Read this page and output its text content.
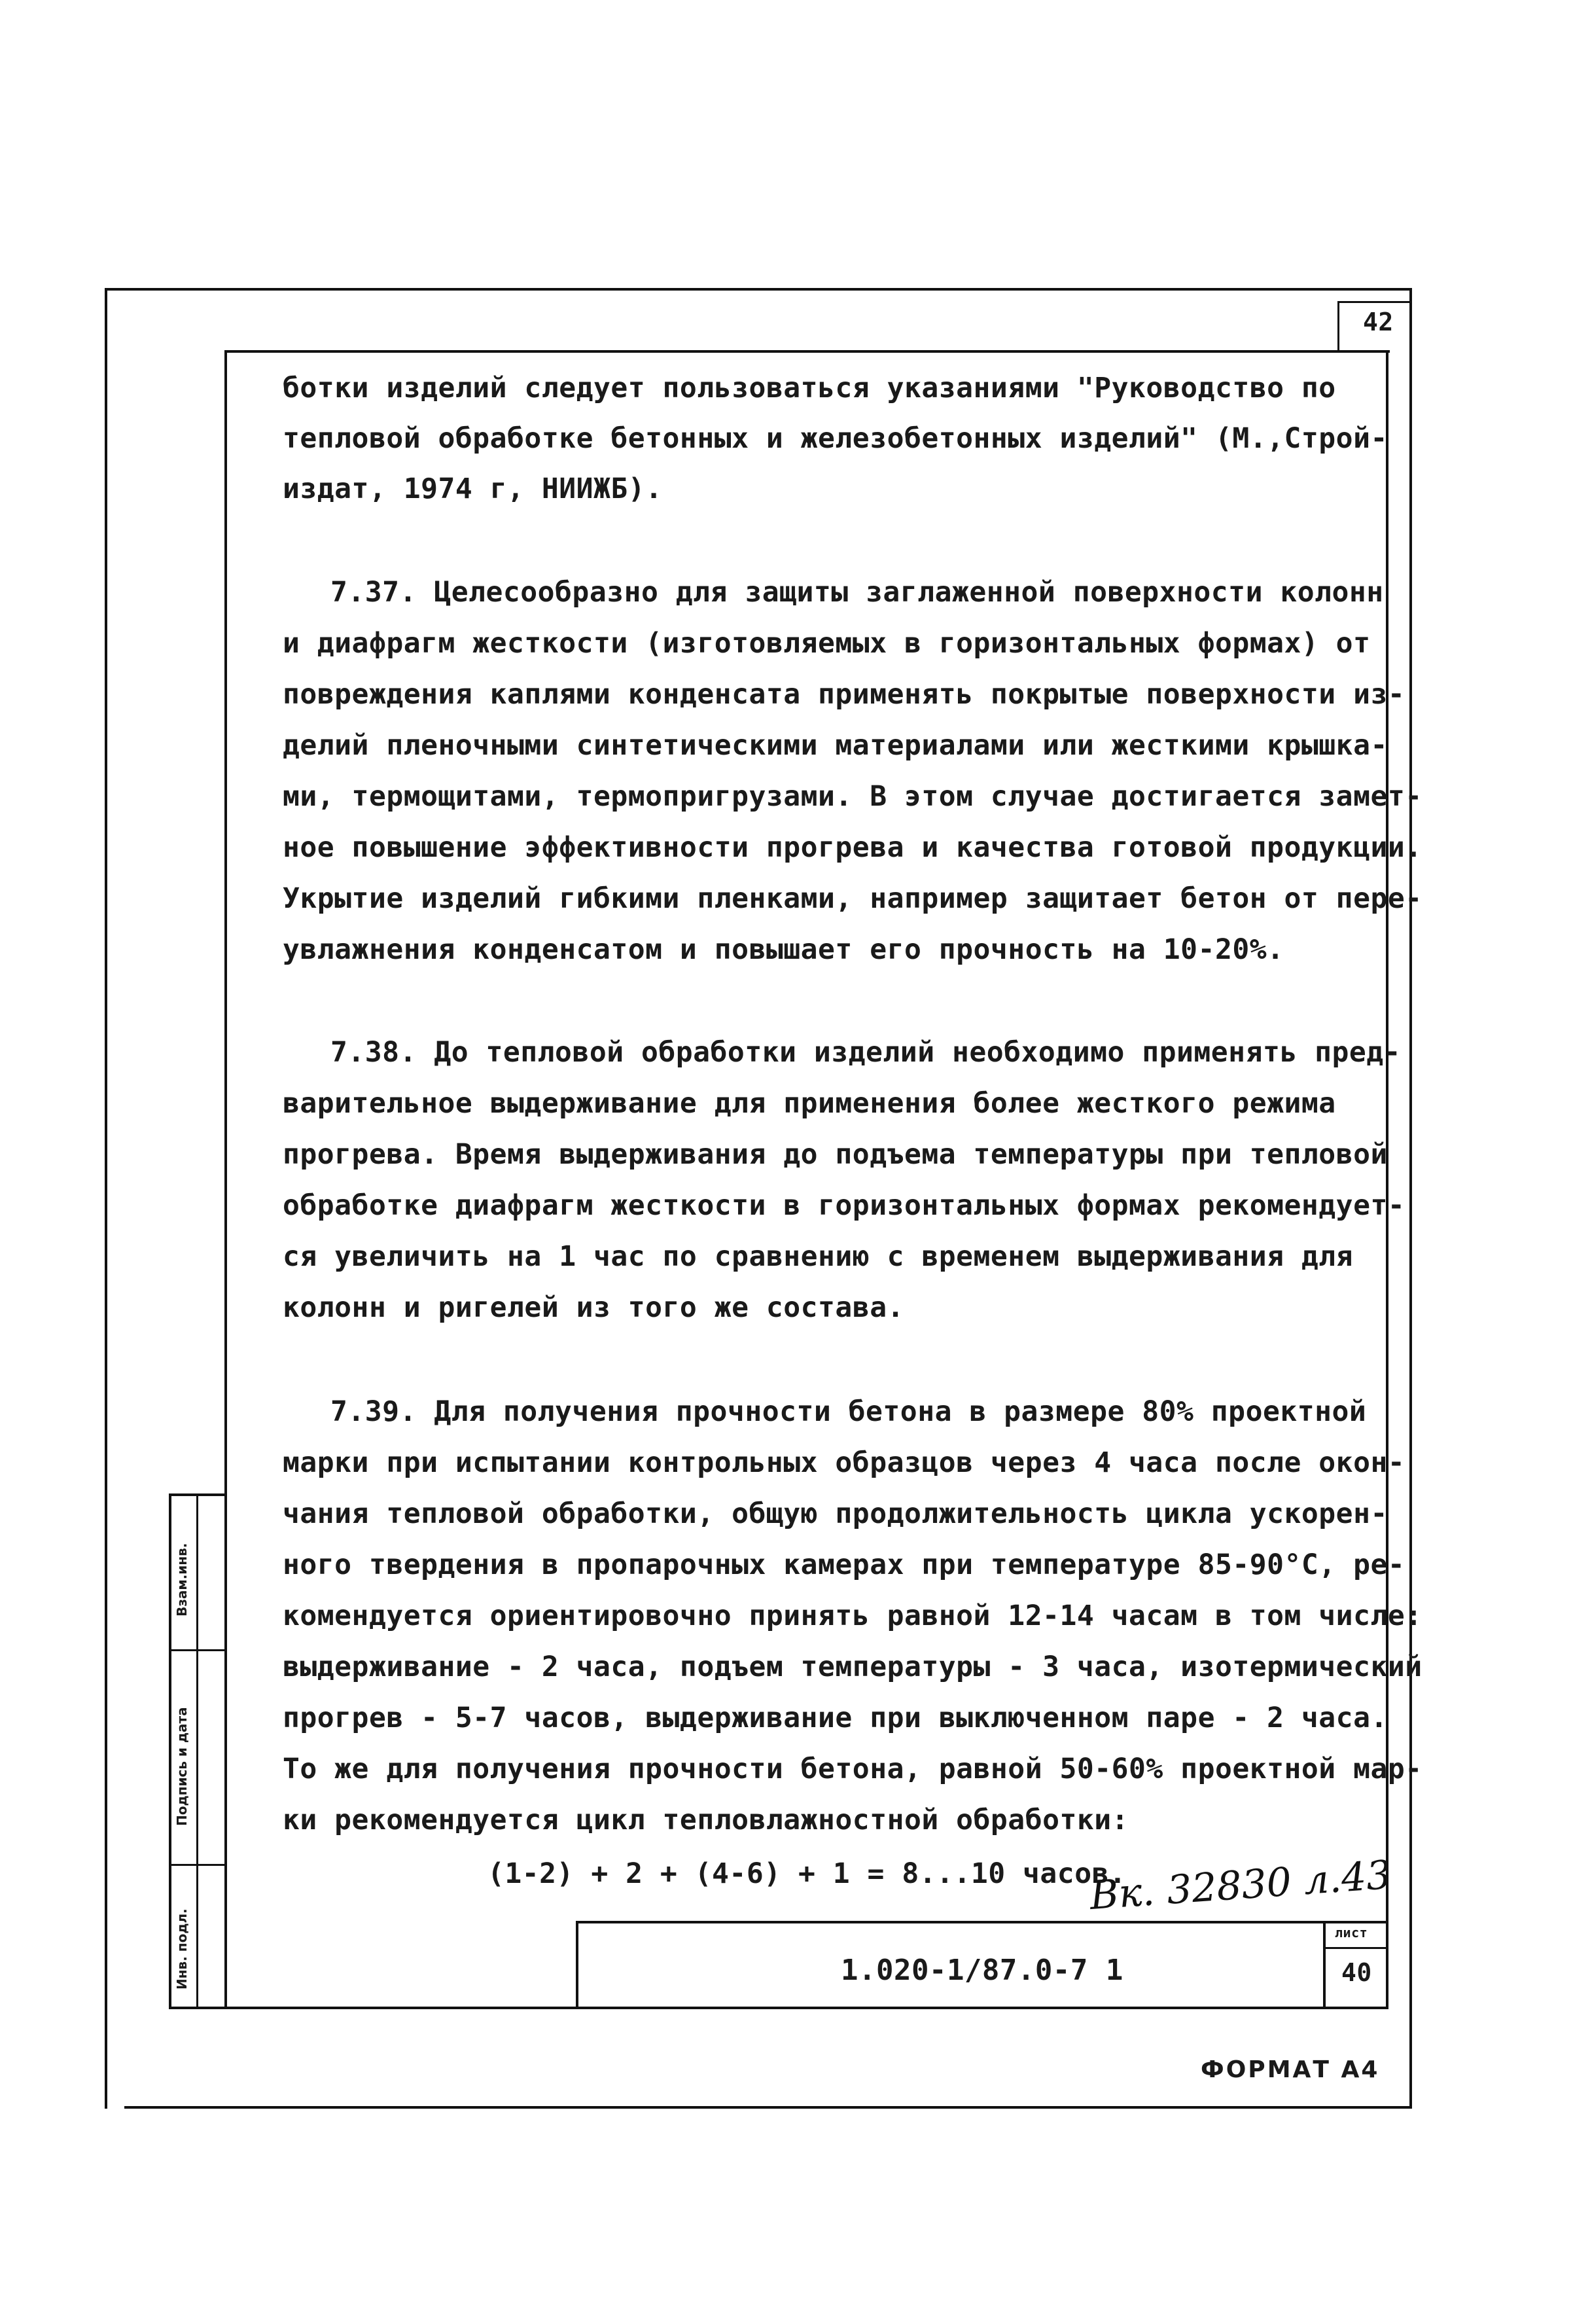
42
ботки изделий следует пользоваться указаниями "Руководство по
тепловой обработке бетонных и железобетонных изделий" (М.,Строй-
издат, 1974 г, НИИЖБ).
7.37. Целесообразно для защиты заглаженной поверхности колонн
и диафрагм жесткости (изготовляемых в горизонтальных формах) от
повреждения каплями конденсата применять покрытые поверхности из-
делий пленочными синтетическими материалами или жесткими крышка-
ми, термощитами, термопригрузами. В этом случае достигается замет-
ное повышение эффективности прогрева и качества готовой продукции.
Укрытие изделий гибкими пленками, например защитает бетон от пере-
увлажнения конденсатом и повышает его прочность на 10-20%.
7.38. До тепловой обработки изделий необходимо применять пред-
варительное выдерживание для применения более жесткого режима
прогрева. Время выдерживания до подъема температуры при тепловой
обработке диафрагм жесткости в горизонтальных формах рекомендует-
ся увеличить на 1 час по сравнению с временем выдерживания для
колонн и ригелей из того же состава.
7.39. Для получения прочности бетона в размере 80% проектной
марки при испытании контрольных образцов через 4 часа после окон-
чания тепловой обработки, общую продолжительность цикла ускорен-
ного твердения в пропарочных камерах при температуре 85-90°С, ре-
комендуется ориентировочно принять равной 12-14 часам в том числе:
выдерживание - 2 часа, подъем температуры - 3 часа, изотермический
прогрев - 5-7 часов, выдерживание при выключенном паре - 2 часа.
То же для получения прочности бетона, равной 50-60% проектной мар-
ки рекомендуется цикл тепловлажностной обработки:
(1-2) + 2 + (4-6) + 1 = 8...10 часов.
Вк. 32830 л.43
1.020-1/87.0-7 1
лист
40
Взам.инв.
Подпись и дата
Инв. подл.
ФОРМАТ А4
